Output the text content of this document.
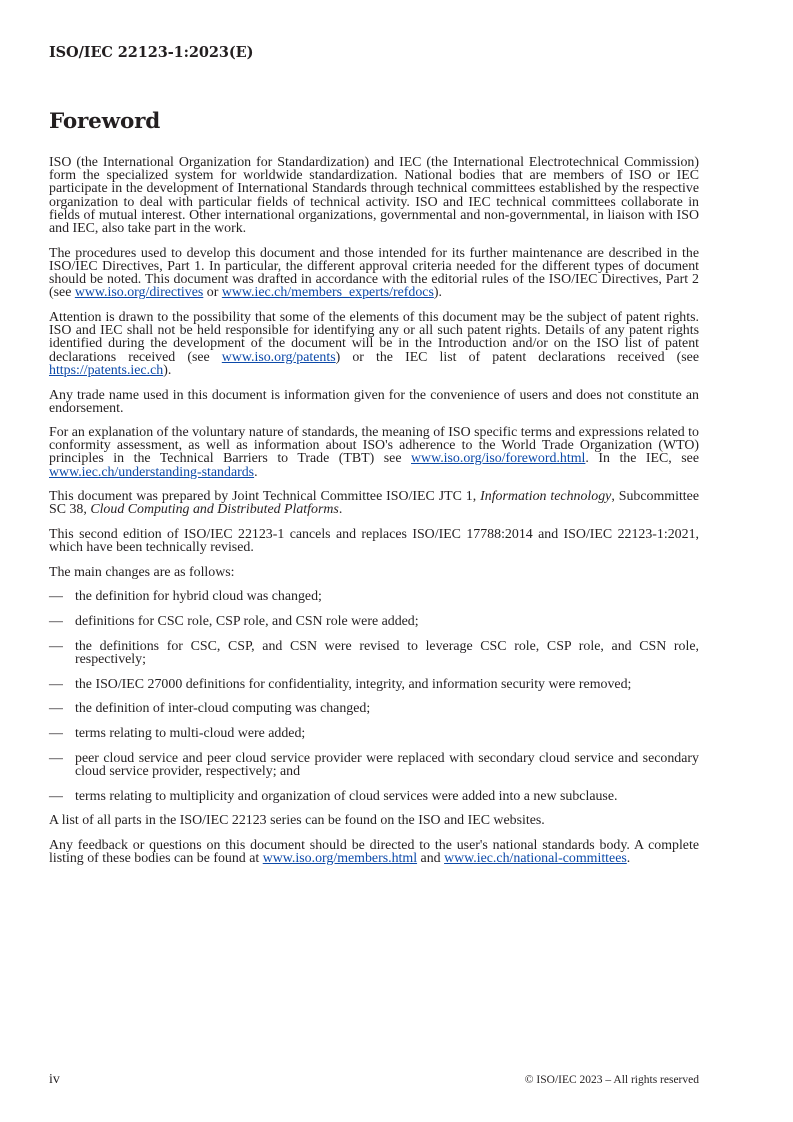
ISO/IEC 22123-1:2023(E)
Foreword

ISO (the International Organization for Standardization) and IEC (the International Electrotechnical Commission) form the specialized system for worldwide standardization. National bodies that are members of ISO or IEC participate in the development of International Standards through technical committees established by the respective organization to deal with particular fields of technical activity. ISO and IEC technical committees collaborate in fields of mutual interest. Other international organizations, governmental and non-governmental, in liaison with ISO and IEC, also take part in the work.

The procedures used to develop this document and those intended for its further maintenance are described in the ISO/IEC Directives, Part 1. In particular, the different approval criteria needed for the different types of document should be noted. This document was drafted in accordance with the editorial rules of the ISO/IEC Directives, Part 2 (see www.iso.org/directives or www.iec.ch/members_experts/refdocs).

Attention is drawn to the possibility that some of the elements of this document may be the subject of patent rights. ISO and IEC shall not be held responsible for identifying any or all such patent rights. Details of any patent rights identified during the development of the document will be in the Introduction and/or on the ISO list of patent declarations received (see www.iso.org/patents) or the IEC list of patent declarations received (see https://patents.iec.ch).

Any trade name used in this document is information given for the convenience of users and does not constitute an endorsement.

For an explanation of the voluntary nature of standards, the meaning of ISO specific terms and expressions related to conformity assessment, as well as information about ISO's adherence to the World Trade Organization (WTO) principles in the Technical Barriers to Trade (TBT) see www.iso.org/iso/foreword.html. In the IEC, see www.iec.ch/understanding-standards.

This document was prepared by Joint Technical Committee ISO/IEC JTC 1, Information technology, Subcommittee SC 38, Cloud Computing and Distributed Platforms.

This second edition of ISO/IEC 22123-1 cancels and replaces ISO/IEC 17788:2014 and ISO/IEC 22123-1:2021, which have been technically revised.

The main changes are as follows:

— the definition for hybrid cloud was changed;
— definitions for CSC role, CSP role, and CSN role were added;
— the definitions for CSC, CSP, and CSN were revised to leverage CSC role, CSP role, and CSN role, respectively;
— the ISO/IEC 27000 definitions for confidentiality, integrity, and information security were removed;
— the definition of inter-cloud computing was changed;
— terms relating to multi-cloud were added;
— peer cloud service and peer cloud service provider were replaced with secondary cloud service and secondary cloud service provider, respectively; and
— terms relating to multiplicity and organization of cloud services were added into a new subclause.

A list of all parts in the ISO/IEC 22123 series can be found on the ISO and IEC websites.

Any feedback or questions on this document should be directed to the user's national standards body. A complete listing of these bodies can be found at www.iso.org/members.html and www.iec.ch/national-committees.

iv	© ISO/IEC 2023 – All rights reserved
